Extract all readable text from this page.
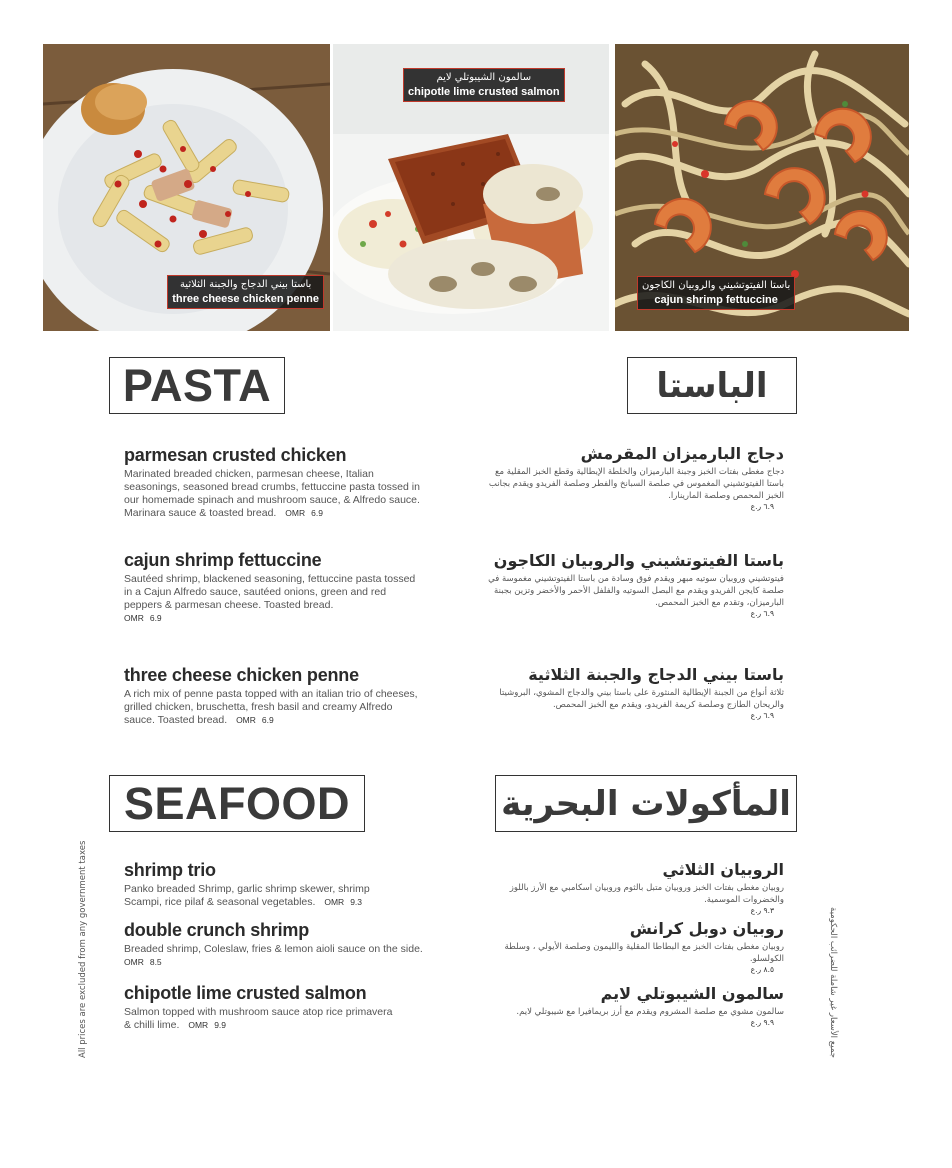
باستا بيني الدجاج والجبنة الثلاثية
three cheese chicken penne
سالمون الشيبوتلي لايم
chipotle lime crusted salmon
باستا الفيتوتشيني والروبيان الكاجون
cajun shrimp fettuccine
PASTA	الباستا
parmesan crusted chicken
Marinated breaded chicken, parmesan cheese, Italian seasonings, seasoned bread crumbs, fettuccine pasta tossed in our homemade spinach and mushroom sauce, & Alfredo sauce. Marinara sauce & toasted bread. OMR 6.9
cajun shrimp fettuccine
Sautéed shrimp, blackened seasoning, fettuccine pasta tossed in a Cajun Alfredo sauce, sautéed onions, green and red peppers & parmesan cheese. Toasted bread.
OMR 6.9
three cheese chicken penne
A rich mix of penne pasta topped with an italian trio of cheeses, grilled chicken, bruschetta, fresh basil and creamy Alfredo sauce. Toasted bread. OMR 6.9
دجاج البارميزان المقرمش
دجاج مغطى بفتات الخبز وجبنة البارميزان والخلطة الإيطالية وقطع الخبز المقلية مع باستا الفيتوتشيني المغموس في صلصة السبانخ والفطر وصلصة الفريدو ويقدم بجانب الخبز المحمص وصلصة المارينارا.
٦.٩ ر.ع
باستا الفيتوتشيني والروبيان الكاجون
فيتوتشيني وروبيان سوتيه مبهر ويقدم فوق وسادة من باستا الفيتوتشيني مغموسة في صلصة كايجن الفريدو ويقدم مع البصل السوتيه والفلفل الأحمر والأخضر وتزين بجبنة البارميزان، وتقدم مع الخبز المحمص.
٦.٩ ر.ع
باستا بيني الدجاج والجبنة الثلاثية
ثلاثة أنواع من الجبنة الإيطالية المنثورة على باستا بيني والدجاج المشوي، البروشيتا والريحان الطازج وصلصة كريمة الفريدو، ويقدم مع الخبز المحمص.
٦.٩ ر.ع
SEAFOOD	المأكولات البحرية
shrimp trio
Panko breaded Shrimp, garlic shrimp skewer, shrimp Scampi, rice pilaf & seasonal vegetables. OMR 9.3
double crunch shrimp
Breaded shrimp, Coleslaw, fries & lemon aioli sauce on the side.
OMR 8.5
chipotle lime crusted salmon
Salmon topped with mushroom sauce atop rice primavera & chilli lime. OMR 9.9
الروبيان الثلاثي
روبيان مغطى بفتات الخبز وروبيان متبل بالثوم وروبيان اسكامبي مع الأرز باللوز والخضروات الموسمية.
٩.٣ ر.ع
روبيان دوبل كرانش
روبيان مغطى بفتات الخبز مع البطاطا المقلية والليمون وصلصة الأيولي ، وسلطة الكولسلو.
٨.٥ ر.ع
سالمون الشيبوتلي لايم
سالمون مشوي مع صلصة المشروم ويقدم مع أرز بريمافيرا مع شيبوتلي لايم.
٩.٩ ر.ع
All prices are excluded from any government taxes	جميع الأسعار غير شاملة للضرائب الحكومية
